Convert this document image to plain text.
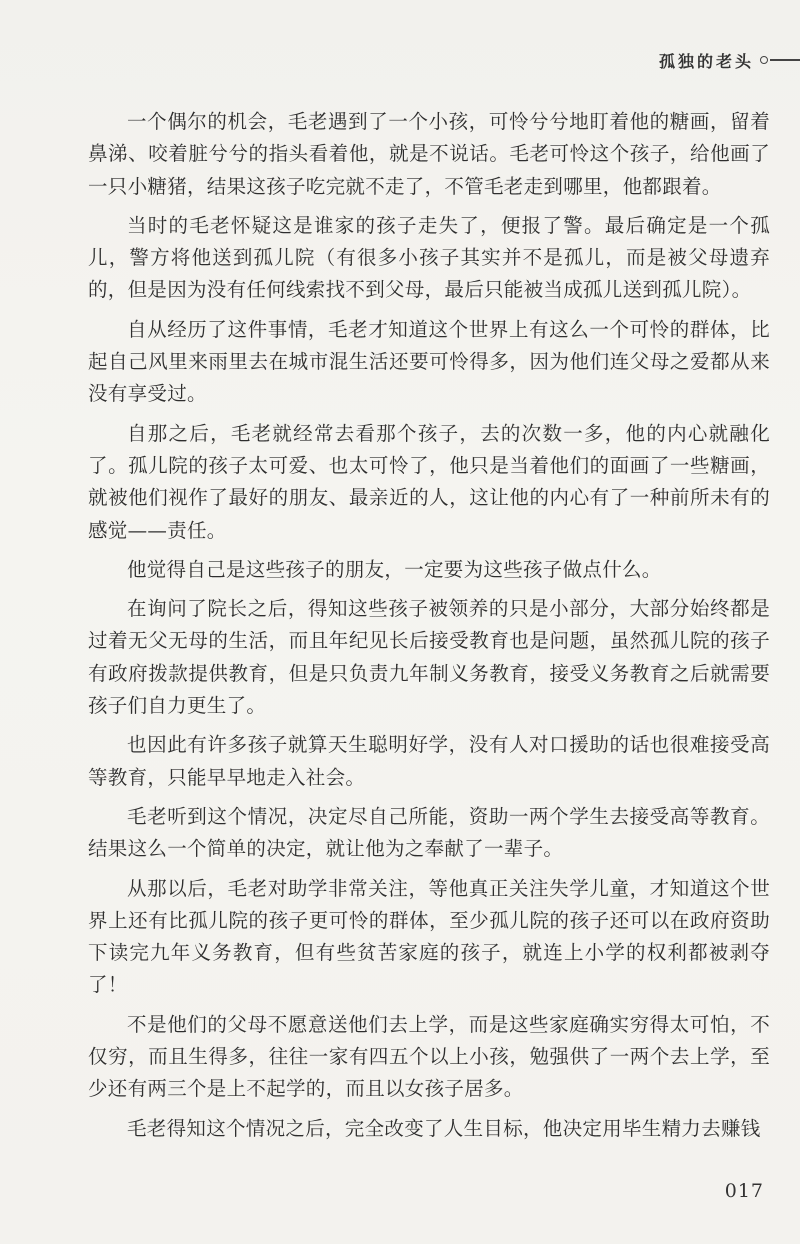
孤独的老头

一个偶尔的机会，毛老遇到了一个小孩，可怜兮兮地盯着他的糖画，留着鼻涕、咬着脏兮兮的指头看着他，就是不说话。毛老可怜这个孩子，给他画了一只小糖猪，结果这孩子吃完就不走了，不管毛老走到哪里，他都跟着。

当时的毛老怀疑这是谁家的孩子走失了，便报了警。最后确定是一个孤儿，警方将他送到孤儿院（有很多小孩子其实并不是孤儿，而是被父母遗弃的，但是因为没有任何线索找不到父母，最后只能被当成孤儿送到孤儿院）。

自从经历了这件事情，毛老才知道这个世界上有这么一个可怜的群体，比起自己风里来雨里去在城市混生活还要可怜得多，因为他们连父母之爱都从来没有享受过。

自那之后，毛老就经常去看那个孩子，去的次数一多，他的内心就融化了。孤儿院的孩子太可爱、也太可怜了，他只是当着他们的面画了一些糖画，就被他们视作了最好的朋友、最亲近的人，这让他的内心有了一种前所未有的感觉——责任。

他觉得自己是这些孩子的朋友，一定要为这些孩子做点什么。

在询问了院长之后，得知这些孩子被领养的只是小部分，大部分始终都是过着无父无母的生活，而且年纪见长后接受教育也是问题，虽然孤儿院的孩子有政府拨款提供教育，但是只负责九年制义务教育，接受义务教育之后就需要孩子们自力更生了。

也因此有许多孩子就算天生聪明好学，没有人对口援助的话也很难接受高等教育，只能早早地走入社会。

毛老听到这个情况，决定尽自己所能，资助一两个学生去接受高等教育。结果这么一个简单的决定，就让他为之奉献了一辈子。

从那以后，毛老对助学非常关注，等他真正关注失学儿童，才知道这个世界上还有比孤儿院的孩子更可怜的群体，至少孤儿院的孩子还可以在政府资助下读完九年义务教育，但有些贫苦家庭的孩子，就连上小学的权利都被剥夺了！

不是他们的父母不愿意送他们去上学，而是这些家庭确实穷得太可怕，不仅穷，而且生得多，往往一家有四五个以上小孩，勉强供了一两个去上学，至少还有两三个是上不起学的，而且以女孩子居多。

毛老得知这个情况之后，完全改变了人生目标，他决定用毕生精力去赚钱

017
